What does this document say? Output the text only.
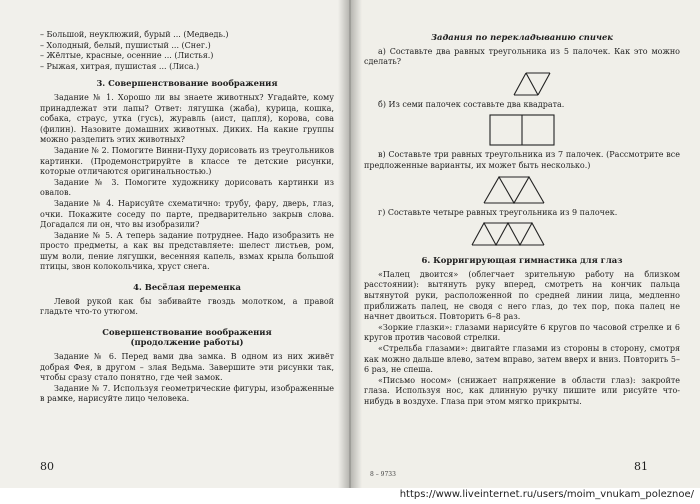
– Большой, неуклюжий, бурый ... (Медведь.)

– Холодный, белый, пушистый ... (Снег.)

– Жёлтые, красные, осенние ... (Листья.)

– Рыжая, хитрая, пушистая ... (Лиса.)

3. Совершенствование воображения

Задание № 1. Хорошо ли вы знаете животных? Угадайте, кому принадлежат эти лапы? Ответ: лягушка (жаба), курица, кошка, собака, страус, утка (гусь), журавль (аист, цапля), корова, сова (филин). Назовите домашних животных. Диких. На какие группы можно разделить этих животных?

Задание № 2. Помогите Винни-Пуху дорисовать из треугольников картинки. (Продемонстрируйте в классе те детские рисунки, которые отличаются оригинальностью.)

Задание № 3. Помогите художнику дорисовать картинки из овалов.

Задание № 4. Нарисуйте схематично: трубу, фару, дверь, глаз, очки. Покажите соседу по парте, предварительно закрыв слова. Догадался ли он, что вы изобразили?

Задание № 5. А теперь задание потруднее. Надо изобразить не просто предметы, а как вы представляете: шелест листьев, ром, шум воли, пение лягушки, весенняя капель, взмах крыла большой птицы, звон колокольчика, хруст снега.

4. Весёлая переменка

Левой рукой как бы забивайте гвоздь молотком, а правой гладьте что-то утюгом.

Совершенствование воображения
(продолжение работы)

Задание № 6. Перед вами два замка. В одном из них живёт добрая Фея, в другом – злая Ведьма. Завершите эти рисунки так, чтобы сразу стало понятно, где чей замок.

Задание № 7. Используя геометрические фигуры, изображенные в рамке, нарисуйте лицо человека.

80
Задания по перекладыванию спичек

а) Составьте два равных треугольника из 5 палочек. Как это можно сделать?

б) Из семи палочек составьте два квадрата.

в) Составьте три равных треугольника из 7 палочек. (Рассмотрите все предложенные варианты, их может быть несколько.)

г) Составьте четыре равных треугольника из 9 палочек.

6. Корригирующая гимнастика для глаз

«Палец двоится» (облегчает зрительную работу на близком расстоянии): вытянуть руку вперед, смотреть на кончик пальца вытянутой руки, расположенной по средней линии лица, медленно приближать палец, не сводя с него глаз, до тех пор, пока палец не начнет двоиться. Повторить 6–8 раз.

«Зоркие глазки»: глазами нарисуйте 6 кругов по часовой стрелке и 6 кругов против часовой стрелки.

«Стрельба глазами»: двигайте глазами из стороны в сторону, смотря как можно дальше влево, затем вправо, затем вверх и вниз. Повторить 5–6 раз, не спеша.

«Письмо носом» (снижает напряжение в области глаз): закройте глаза. Используя нос, как длинную ручку пишите или рисуйте что-нибудь в воздухе. Глаза при этом мягко прикрыты.

8 – 9733
81
https://www.liveinternet.ru/users/moim_vnukam_poleznoe/
